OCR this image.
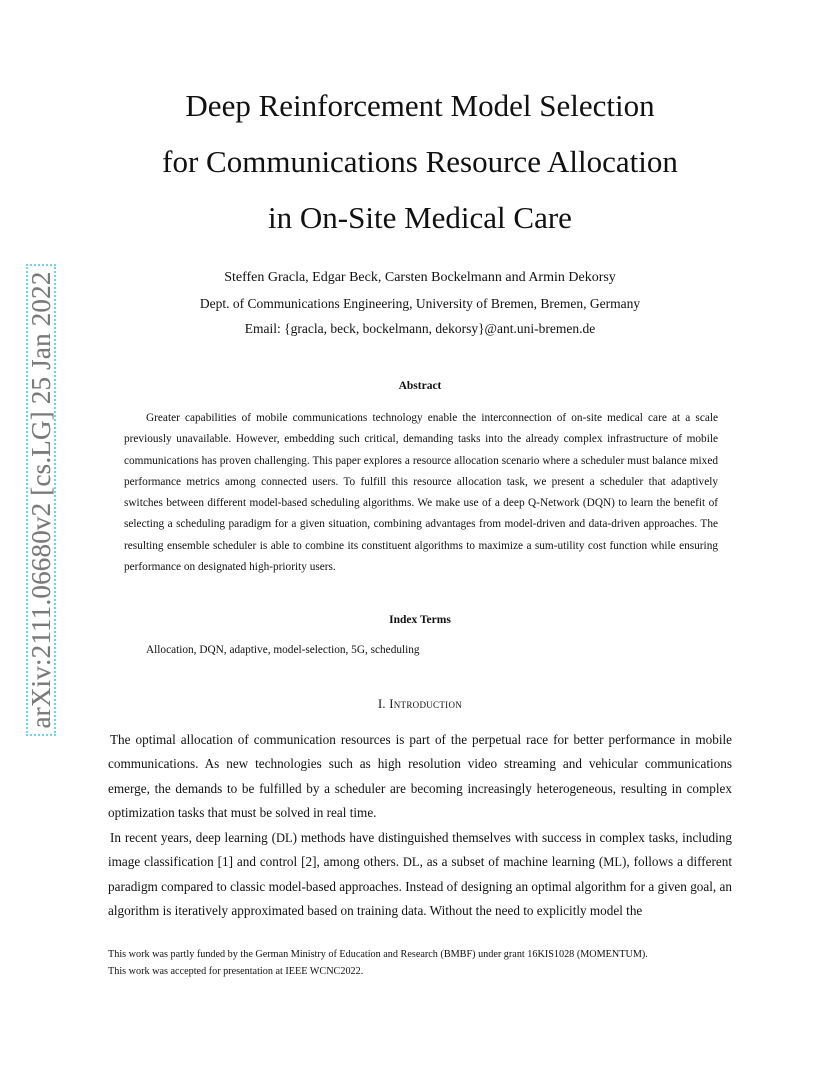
arXiv:2111.06680v2 [cs.LG] 25 Jan 2022
Deep Reinforcement Model Selection
for Communications Resource Allocation
in On-Site Medical Care
Steffen Gracla, Edgar Beck, Carsten Bockelmann and Armin Dekorsy
Dept. of Communications Engineering, University of Bremen, Bremen, Germany
Email: {gracla, beck, bockelmann, dekorsy}@ant.uni-bremen.de
Abstract

Greater capabilities of mobile communications technology enable the interconnection of on-site medical care at a scale previously unavailable. However, embedding such critical, demanding tasks into the already complex infrastructure of mobile communications has proven challenging. This paper explores a resource allocation scenario where a scheduler must balance mixed performance metrics among connected users. To fulfill this resource allocation task, we present a scheduler that adaptively switches between different model-based scheduling algorithms. We make use of a deep Q-Network (DQN) to learn the benefit of selecting a scheduling paradigm for a given situation, combining advantages from model-driven and data-driven approaches. The resulting ensemble scheduler is able to combine its constituent algorithms to maximize a sum-utility cost function while ensuring performance on designated high-priority users.

Index Terms
Allocation, DQN, adaptive, model-selection, 5G, scheduling
I. Introduction

The optimal allocation of communication resources is part of the perpetual race for better performance in mobile communications. As new technologies such as high resolution video streaming and vehicular communications emerge, the demands to be fulfilled by a scheduler are becoming increasingly heterogeneous, resulting in complex optimization tasks that must be solved in real time.

In recent years, deep learning (DL) methods have distinguished themselves with success in complex tasks, including image classification [1] and control [2], among others. DL, as a subset of machine learning (ML), follows a different paradigm compared to classic model-based approaches. Instead of designing an optimal algorithm for a given goal, an algorithm is iteratively approximated based on training data. Without the need to explicitly model the

This work was partly funded by the German Ministry of Education and Research (BMBF) under grant 16KIS1028 (MOMENTUM).

This work was accepted for presentation at IEEE WCNC2022.
